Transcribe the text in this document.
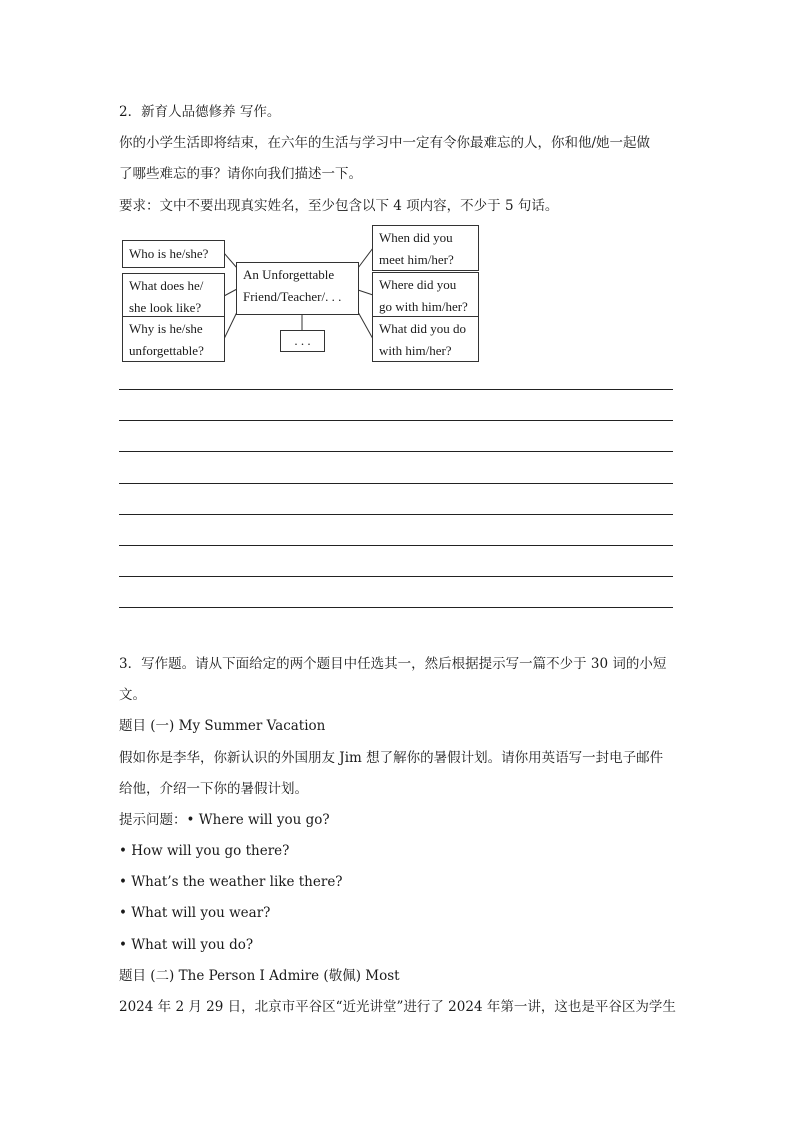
2．新育人品德修养 写作。
你的小学生活即将结束，在六年的生活与学习中一定有令你最难忘的人，你和他/她一起做
了哪些难忘的事？请你向我们描述一下。
要求：文中不要出现真实姓名，至少包含以下 4 项内容，不少于 5 句话。
An Unforgettable
Friend/Teacher/. . .
Who is he/she?
What does he/
she look like?
Why is he/she
unforgettable?
When did you
meet him/her?
Where did you
go with him/her?
What did you do
with him/her?
. . .
3．写作题。请从下面给定的两个题目中任选其一，然后根据提示写一篇不少于 30 词的小短
文。
题目 (一) My Summer Vacation
假如你是李华，你新认识的外国朋友 Jim 想了解你的暑假计划。请你用英语写一封电子邮件
给他，介绍一下你的暑假计划。
提示问题：• Where will you go?
• How will you go there?
• What’s the weather like there?
• What will you wear?
• What will you do?
题目 (二) The Person I Admire (敬佩) Most
2024 年 2 月 29 日，北京市平谷区“近光讲堂”进行了 2024 年第一讲，这也是平谷区为学生
